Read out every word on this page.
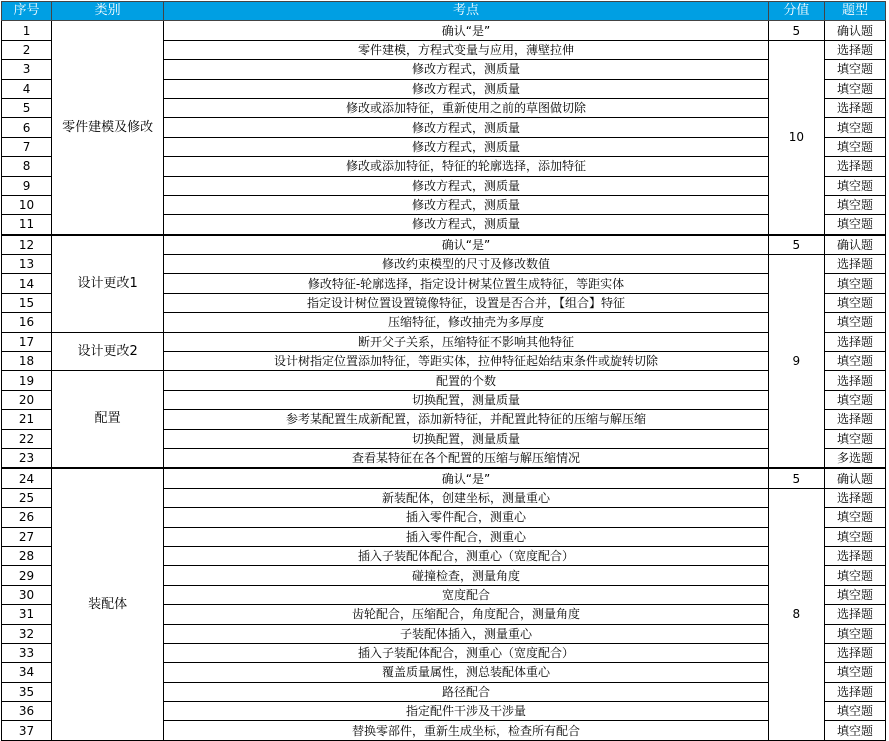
序号	类别	考点	分值	题型
1	零件建模及修改	确认“是”	5	确认题
2		零件建模，方程式变量与应用，薄壁拉伸	10	选择题
3		修改方程式，测质量		填空题
4		修改方程式，测质量		填空题
5		修改或添加特征，重新使用之前的草图做切除		选择题
6		修改方程式，测质量		填空题
7		修改方程式，测质量		填空题
8		修改或添加特征，特征的轮廓选择，添加特征		选择题
9		修改方程式，测质量		填空题
10		修改方程式，测质量		填空题
11		修改方程式，测质量		填空题
12	设计更改1	确认“是”	5	确认题
13		修改约束模型的尺寸及修改数值	9	选择题
14		修改特征-轮廓选择，指定设计树某位置生成特征，等距实体		填空题
15		指定设计树位置设置镜像特征，设置是否合并，【组合】特征		填空题
16		压缩特征，修改抽壳为多厚度		填空题
17	设计更改2	断开父子关系，压缩特征不影响其他特征		选择题
18		设计树指定位置添加特征，等距实体，拉伸特征起始结束条件或旋转切除		填空题
19	配置	配置的个数		选择题
20		切换配置，测量质量		填空题
21		参考某配置生成新配置，添加新特征，并配置此特征的压缩与解压缩		选择题
22		切换配置，测量质量		填空题
23		查看某特征在各个配置的压缩与解压缩情况		多选题
24	装配体	确认“是”	5	确认题
25		新装配体，创建坐标，测量重心	8	选择题
26		插入零件配合，测重心		填空题
27		插入零件配合，测重心		填空题
28		插入子装配体配合，测重心（宽度配合）		选择题
29		碰撞检查，测量角度		填空题
30		宽度配合		填空题
31		齿轮配合，压缩配合，角度配合，测量角度		选择题
32		子装配体插入，测量重心		填空题
33		插入子装配体配合，测重心（宽度配合）		选择题
34		覆盖质量属性，测总装配体重心		填空题
35		路径配合		选择题
36		指定配件干涉及干涉量		填空题
37		替换零部件，重新生成坐标，检查所有配合		填空题
